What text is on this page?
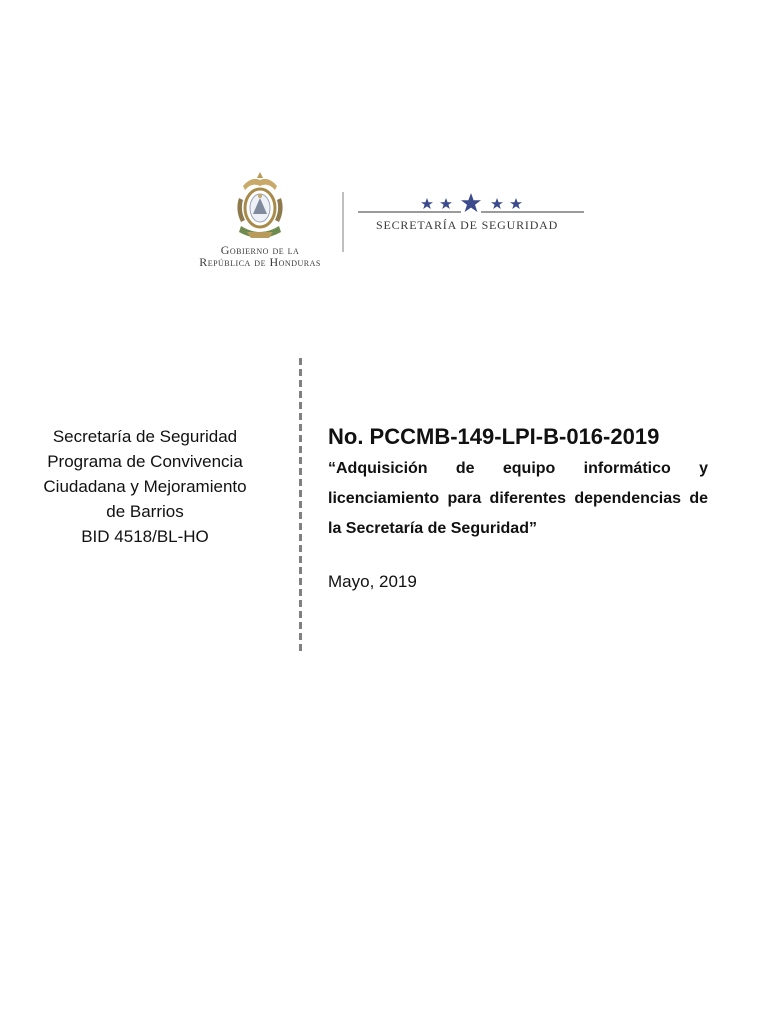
Gobierno de la
República de Honduras
SECRETARÍA DE SEGURIDAD
Secretaría de Seguridad
Programa de Convivencia
Ciudadana y Mejoramiento
de Barrios
BID 4518/BL-HO
No. PCCMB-149-LPI-B-016-2019
“Adquisición de equipo informático y licenciamiento para diferentes dependencias de la Secretaría de Seguridad”
Mayo, 2019
